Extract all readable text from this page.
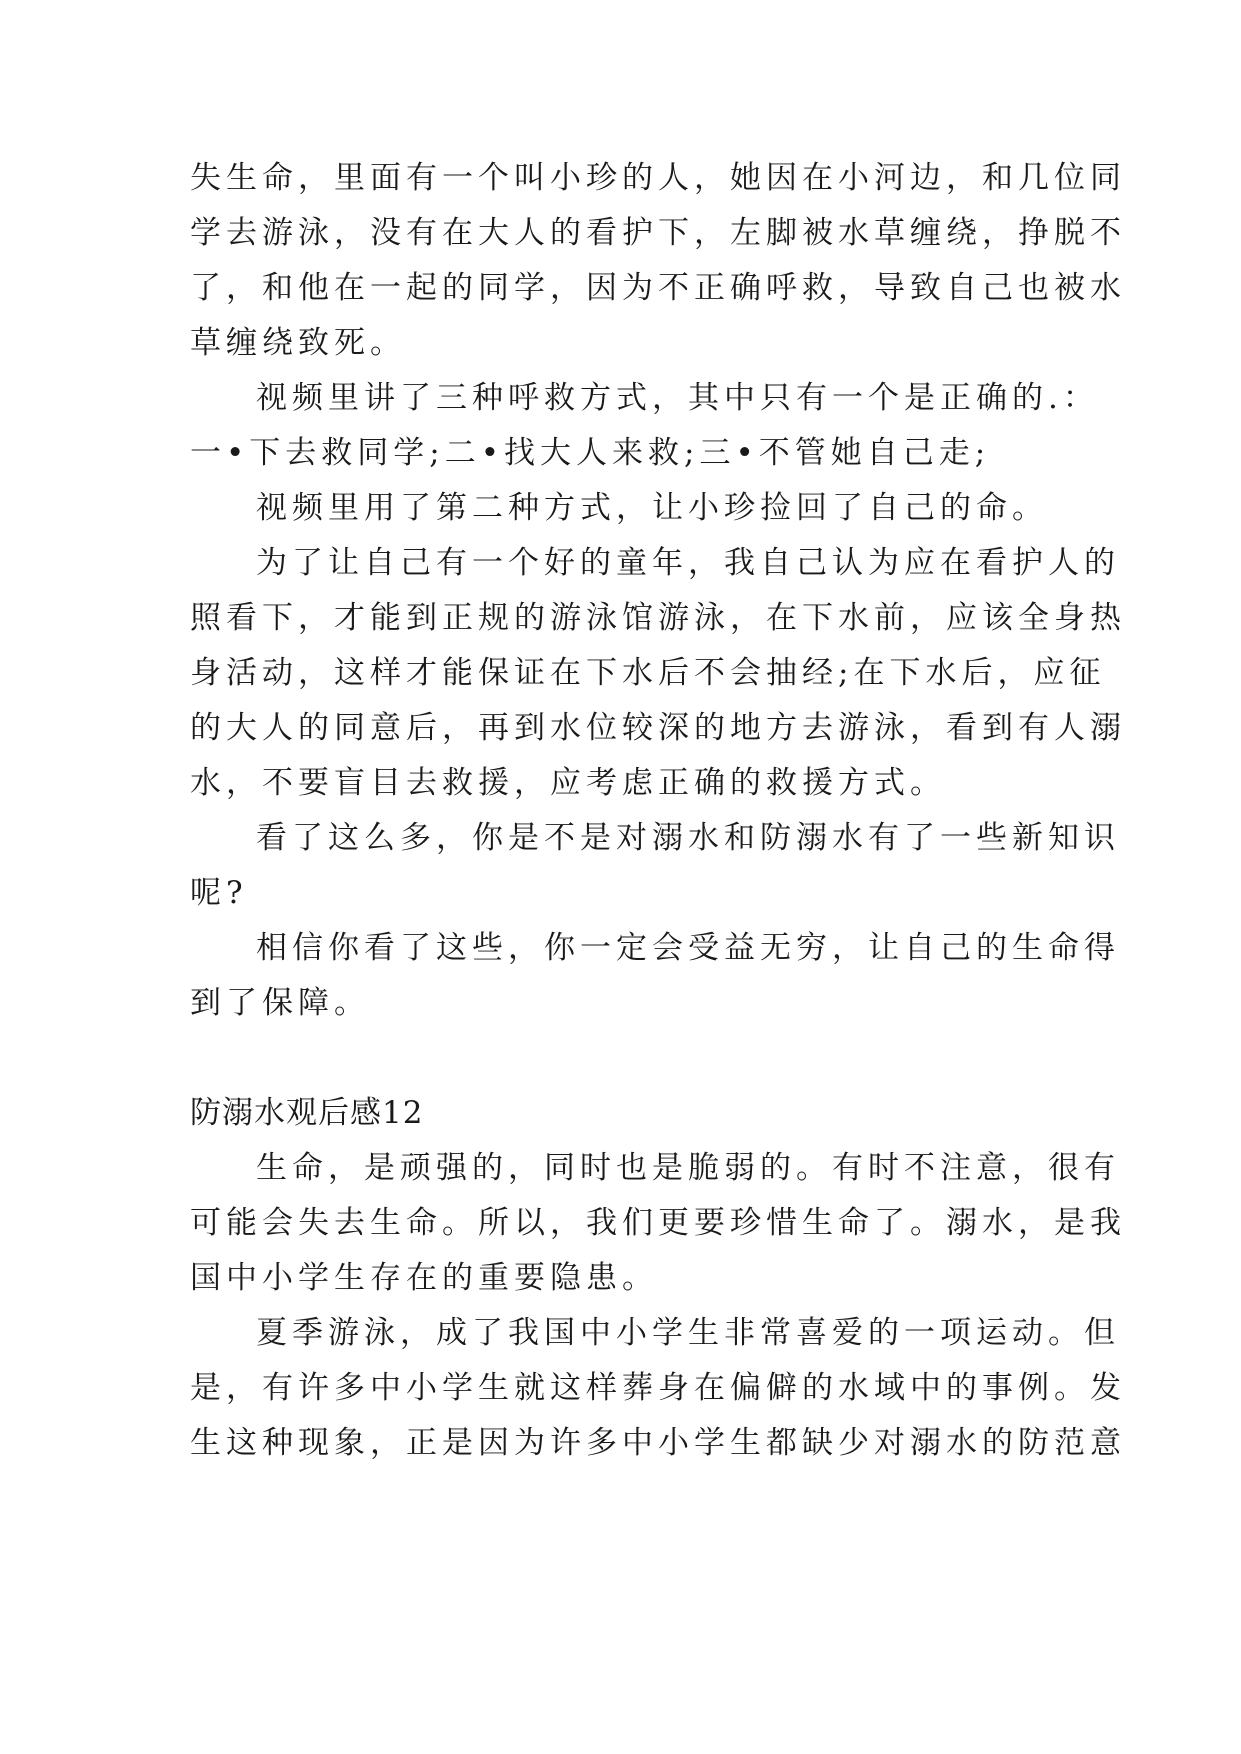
失生命，里面有一个叫小珍的人，她因在小河边，和几位同
学去游泳，没有在大人的看护下，左脚被水草缠绕，挣脱不
了，和他在一起的同学，因为不正确呼救，导致自己也被水
草缠绕致死。
视频里讲了三种呼救方式，其中只有一个是正确的.：
一•下去救同学;二•找大人来救;三•不管她自己走;
视频里用了第二种方式，让小珍捡回了自己的命。
为了让自己有一个好的童年，我自己认为应在看护人的
照看下，才能到正规的游泳馆游泳，在下水前，应该全身热
身活动，这样才能保证在下水后不会抽经;在下水后，应征
的大人的同意后，再到水位较深的地方去游泳，看到有人溺
水，不要盲目去救援，应考虑正确的救援方式。
看了这么多，你是不是对溺水和防溺水有了一些新知识
呢?
相信你看了这些，你一定会受益无穷，让自己的生命得
到了保障。
防溺水观后感12
生命，是顽强的，同时也是脆弱的。有时不注意，很有
可能会失去生命。所以，我们更要珍惜生命了。溺水，是我
国中小学生存在的重要隐患。
夏季游泳，成了我国中小学生非常喜爱的一项运动。但
是，有许多中小学生就这样葬身在偏僻的水域中的事例。发
生这种现象，正是因为许多中小学生都缺少对溺水的防范意
